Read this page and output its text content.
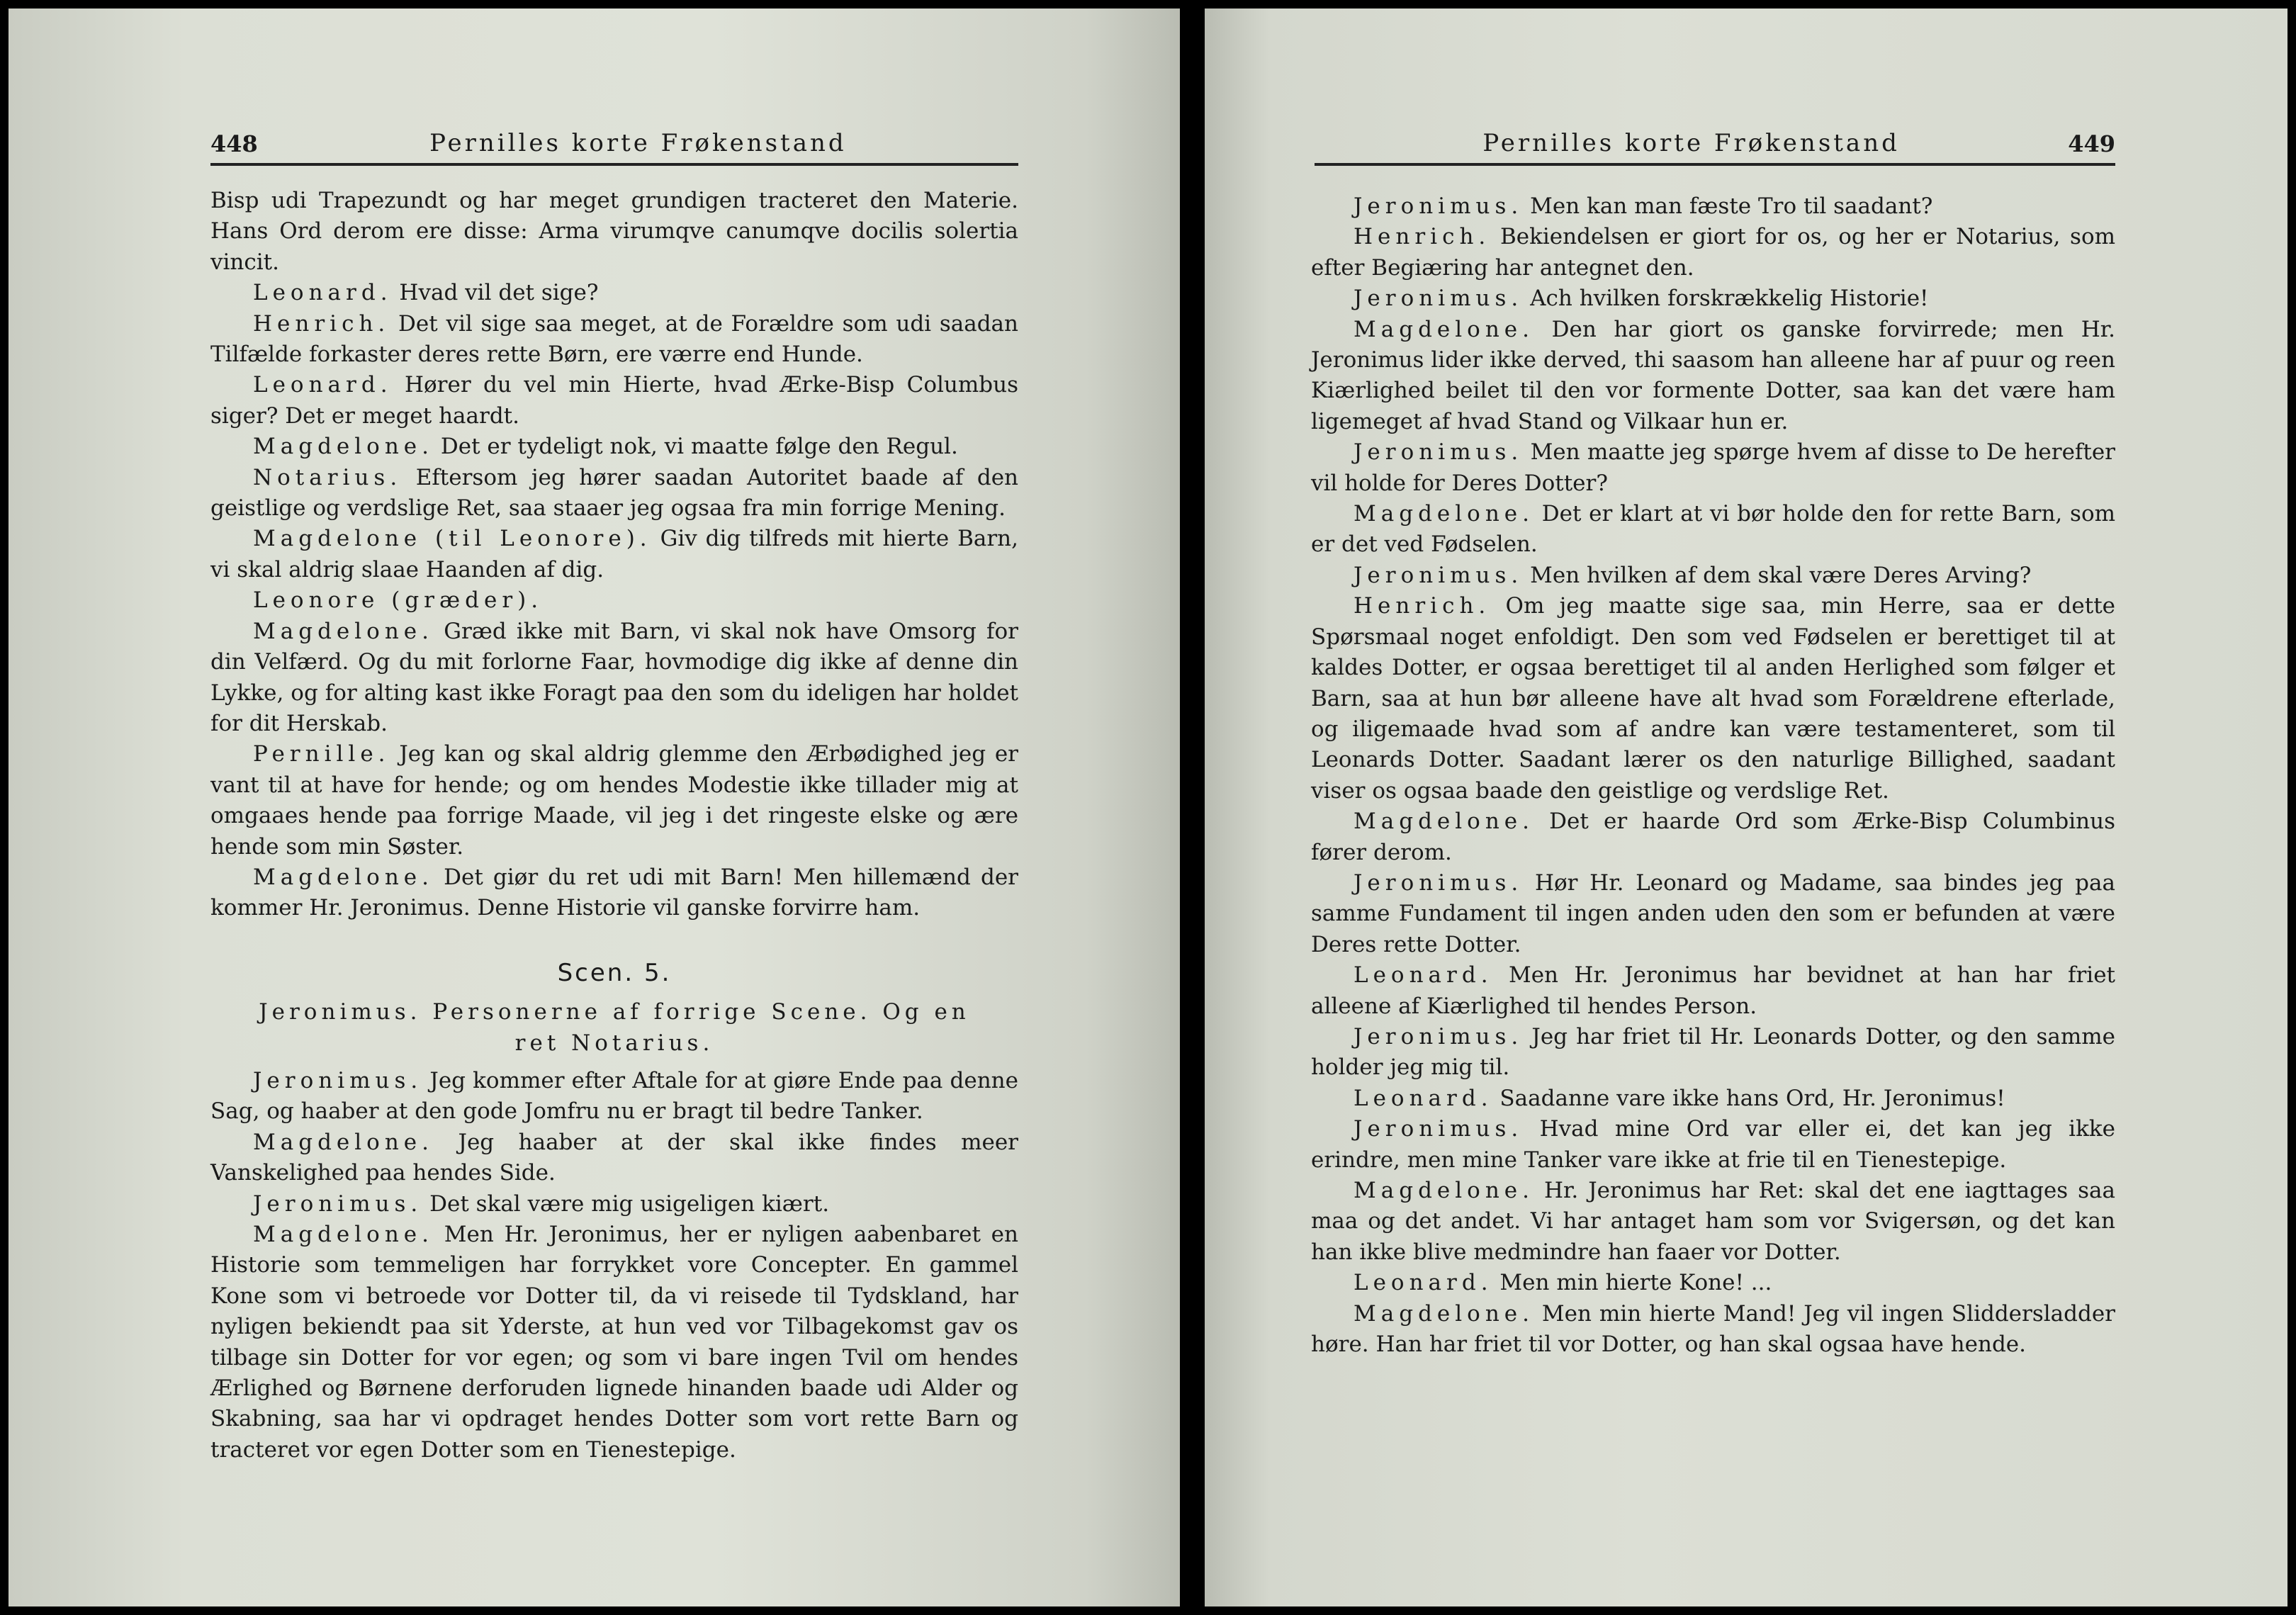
448	Pernilles korte Frøkenstand

Bisp udi Trapezundt og har meget grundigen tracteret den Materie. Hans Ord derom ere disse: Arma virumqve canumqve docilis solertia vincit.

Leonard. Hvad vil det sige?

Henrich. Det vil sige saa meget, at de Forældre som udi saadan Tilfælde forkaster deres rette Børn, ere værre end Hunde.

Leonard. Hører du vel min Hierte, hvad Ærke-Bisp Columbus siger? Det er meget haardt.

Magdelone. Det er tydeligt nok, vi maatte følge den Regul.

Notarius. Eftersom jeg hører saadan Autoritet baade af den geistlige og verdslige Ret, saa staaer jeg ogsaa fra min forrige Mening.

Magdelone (til Leonore). Giv dig tilfreds mit hierte Barn, vi skal aldrig slaae Haanden af dig.

Leonore (græder).

Magdelone. Græd ikke mit Barn, vi skal nok have Omsorg for din Velfærd. Og du mit forlorne Faar, hovmodige dig ikke af denne din Lykke, og for alting kast ikke Foragt paa den som du ideligen har holdet for dit Herskab.

Pernille. Jeg kan og skal aldrig glemme den Ærbødighed jeg er vant til at have for hende; og om hendes Modestie ikke tillader mig at omgaaes hende paa forrige Maade, vil jeg i det ringeste elske og ære hende som min Søster.

Magdelone. Det giør du ret udi mit Barn! Men hillemænd der kommer Hr. Jeronimus. Denne Historie vil ganske forvirre ham.

Scen. 5.
Jeronimus. Personerne af forrige Scene. Og en ret Notarius.

Jeronimus. Jeg kommer efter Aftale for at giøre Ende paa denne Sag, og haaber at den gode Jomfru nu er bragt til bedre Tanker.

Magdelone. Jeg haaber at der skal ikke findes meer Vanskelighed paa hendes Side.

Jeronimus. Det skal være mig usigeligen kiært.

Magdelone. Men Hr. Jeronimus, her er nyligen aabenbaret en Historie som temmeligen har forrykket vore Concepter. En gammel Kone som vi betroede vor Dotter til, da vi reisede til Tydskland, har nyligen bekiendt paa sit Yderste, at hun ved vor Tilbagekomst gav os tilbage sin Dotter for vor egen; og som vi bare ingen Tvil om hendes Ærlighed og Børnene derforuden lignede hinanden baade udi Alder og Skabning, saa har vi opdraget hendes Dotter som vort rette Barn og tracteret vor egen Dotter som en Tienestepige.

Pernilles korte Frøkenstand	449

Jeronimus. Men kan man fæste Tro til saadant?

Henrich. Bekiendelsen er giort for os, og her er Notarius, som efter Begiæring har antegnet den.

Jeronimus. Ach hvilken forskrækkelig Historie!

Magdelone. Den har giort os ganske forvirrede; men Hr. Jeronimus lider ikke derved, thi saasom han alleene har af puur og reen Kiærlighed beilet til den vor formente Dotter, saa kan det være ham ligemeget af hvad Stand og Vilkaar hun er.

Jeronimus. Men maatte jeg spørge hvem af disse to De herefter vil holde for Deres Dotter?

Magdelone. Det er klart at vi bør holde den for rette Barn, som er det ved Fødselen.

Jeronimus. Men hvilken af dem skal være Deres Arving?

Henrich. Om jeg maatte sige saa, min Herre, saa er dette Spørsmaal noget enfoldigt. Den som ved Fødselen er berettiget til at kaldes Dotter, er ogsaa berettiget til al anden Herlighed som følger et Barn, saa at hun bør alleene have alt hvad som Forældrene efterlade, og iligemaade hvad som af andre kan være testamenteret, som til Leonards Dotter. Saadant lærer os den naturlige Billighed, saadant viser os ogsaa baade den geistlige og verdslige Ret.

Magdelone. Det er haarde Ord som Ærke-Bisp Columbinus fører derom.

Jeronimus. Hør Hr. Leonard og Madame, saa bindes jeg paa samme Fundament til ingen anden uden den som er befunden at være Deres rette Dotter.

Leonard. Men Hr. Jeronimus har bevidnet at han har friet alleene af Kiærlighed til hendes Person.

Jeronimus. Jeg har friet til Hr. Leonards Dotter, og den samme holder jeg mig til.

Leonard. Saadanne vare ikke hans Ord, Hr. Jeronimus!

Jeronimus. Hvad mine Ord var eller ei, det kan jeg ikke erindre, men mine Tanker vare ikke at frie til en Tienestepige.

Magdelone. Hr. Jeronimus har Ret: skal det ene iagttages saa maa og det andet. Vi har antaget ham som vor Svigersøn, og det kan han ikke blive medmindre han faaer vor Dotter.

Leonard. Men min hierte Kone! ...

Magdelone. Men min hierte Mand! Jeg vil ingen Sliddersladder høre. Han har friet til vor Dotter, og han skal ogsaa have hende.
